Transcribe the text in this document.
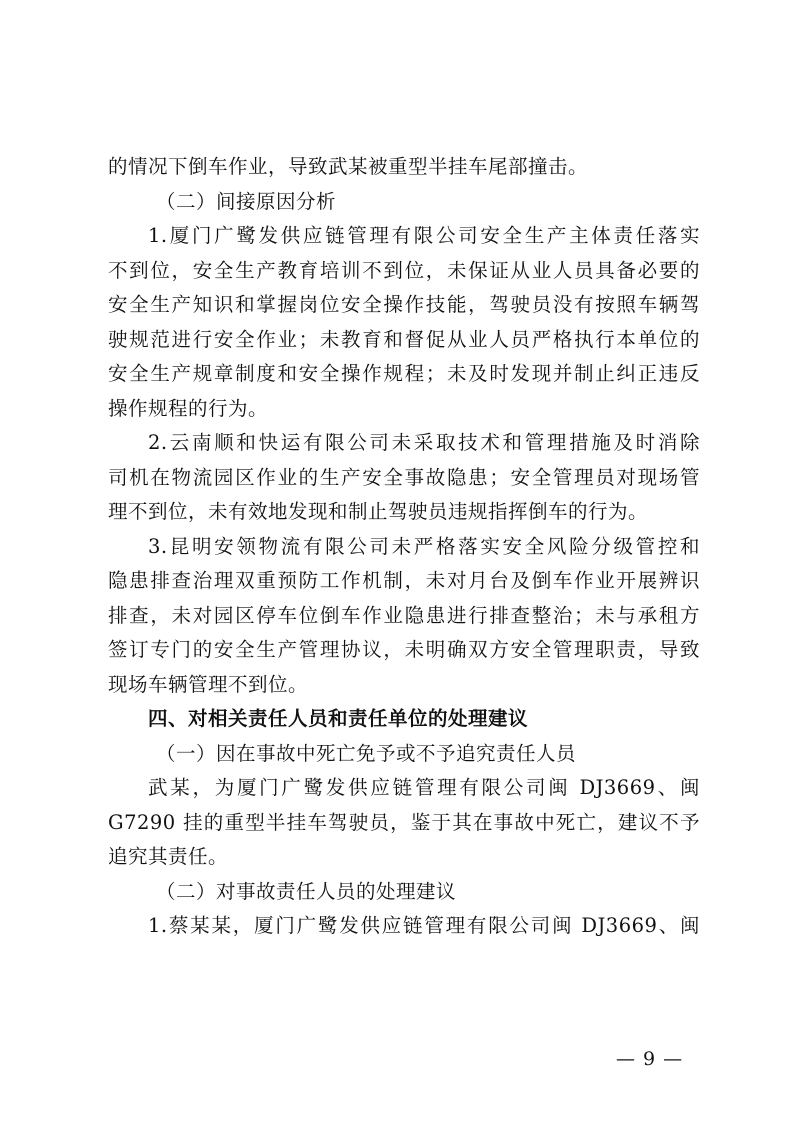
的情况下倒车作业，导致武某被重型半挂车尾部撞击。
（二）间接原因分析
1.厦门广鹭发供应链管理有限公司安全生产主体责任落实
不到位，安全生产教育培训不到位，未保证从业人员具备必要的
安全生产知识和掌握岗位安全操作技能，驾驶员没有按照车辆驾
驶规范进行安全作业；未教育和督促从业人员严格执行本单位的
安全生产规章制度和安全操作规程；未及时发现并制止纠正违反
操作规程的行为。
2.云南顺和快运有限公司未采取技术和管理措施及时消除
司机在物流园区作业的生产安全事故隐患；安全管理员对现场管
理不到位，未有效地发现和制止驾驶员违规指挥倒车的行为。
3.昆明安领物流有限公司未严格落实安全风险分级管控和
隐患排查治理双重预防工作机制，未对月台及倒车作业开展辨识
排查，未对园区停车位倒车作业隐患进行排查整治；未与承租方
签订专门的安全生产管理协议，未明确双方安全管理职责，导致
现场车辆管理不到位。
四、对相关责任人员和责任单位的处理建议
（一）因在事故中死亡免予或不予追究责任人员
武某，为厦门广鹭发供应链管理有限公司闽 DJ3669、闽
G7290 挂的重型半挂车驾驶员，鉴于其在事故中死亡，建议不予
追究其责任。
（二）对事故责任人员的处理建议
1.蔡某某，厦门广鹭发供应链管理有限公司闽 DJ3669、闽
— 9 —
